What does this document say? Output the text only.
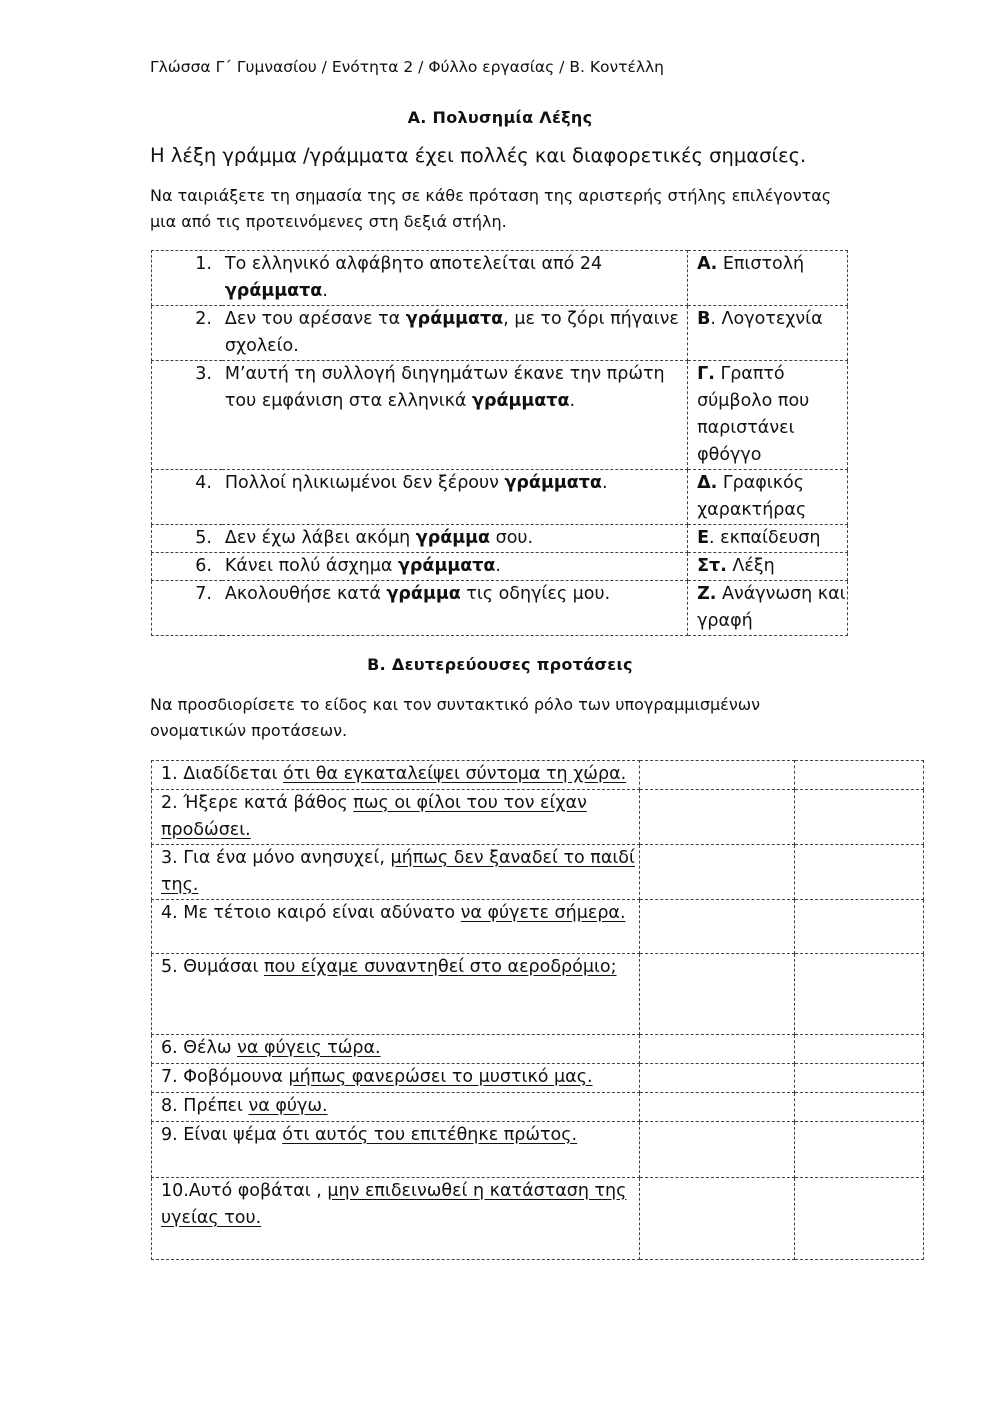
Γλώσσα Γ΄ Γυμνασίου / Ενότητα 2 / Φύλλο εργασίας / Β. Κοντέλλη
Α. Πολυσημία Λέξης
Η λέξη γράμμα /γράμματα έχει πολλές και διαφορετικές σημασίες.
Να ταιριάξετε τη σημασία της σε κάθε πρόταση της αριστερής στήλης επιλέγοντας
μια από τις προτεινόμενες στη δεξιά στήλη.
1.	Το ελληνικό αλφάβητο αποτελείται από 24 γράμματα.	Α. Επιστολή
2.	Δεν του αρέσανε τα γράμματα, με το ζόρι πήγαινε σχολείο.	Β. Λογοτεχνία
3.	Μ’αυτή τη συλλογή διηγημάτων έκανε την πρώτη του εμφάνιση στα ελληνικά γράμματα.	Γ. Γραπτό σύμβολο που παριστάνει φθόγγο
4.	Πολλοί ηλικιωμένοι δεν ξέρουν γράμματα.	Δ. Γραφικός χαρακτήρας
5.	Δεν έχω λάβει ακόμη γράμμα σου.	Ε. εκπαίδευση
6.	Κάνει πολύ άσχημα γράμματα.	Στ. Λέξη
7.	Ακολουθήσε κατά γράμμα τις οδηγίες μου.	Ζ. Ανάγνωση και γραφή
Β. Δευτερεύουσες προτάσεις
Να προσδιορίσετε το είδος και τον συντακτικό ρόλο των υπογραμμισμένων
ονοματικών προτάσεων.
1. Διαδίδεται ότι θα εγκαταλείψει σύντομα τη χώρα.		
2. Ήξερε κατά βάθος πως οι φίλοι του τον είχαν προδώσει.		
3. Για ένα μόνο ανησυχεί, μήπως δεν ξαναδεί το παιδί της.		
4. Με τέτοιο καιρό είναι αδύνατο να φύγετε σήμερα.		
5. Θυμάσαι που είχαμε συναντηθεί στο αεροδρόμιο;		
6. Θέλω να φύγεις τώρα.		
7. Φοβόμουνα μήπως φανερώσει το μυστικό μας.		
8. Πρέπει να φύγω.		
9. Είναι ψέμα ότι αυτός του επιτέθηκε πρώτος.		
10.Αυτό φοβάται , μην επιδεινωθεί η κατάσταση της υγείας του.		
